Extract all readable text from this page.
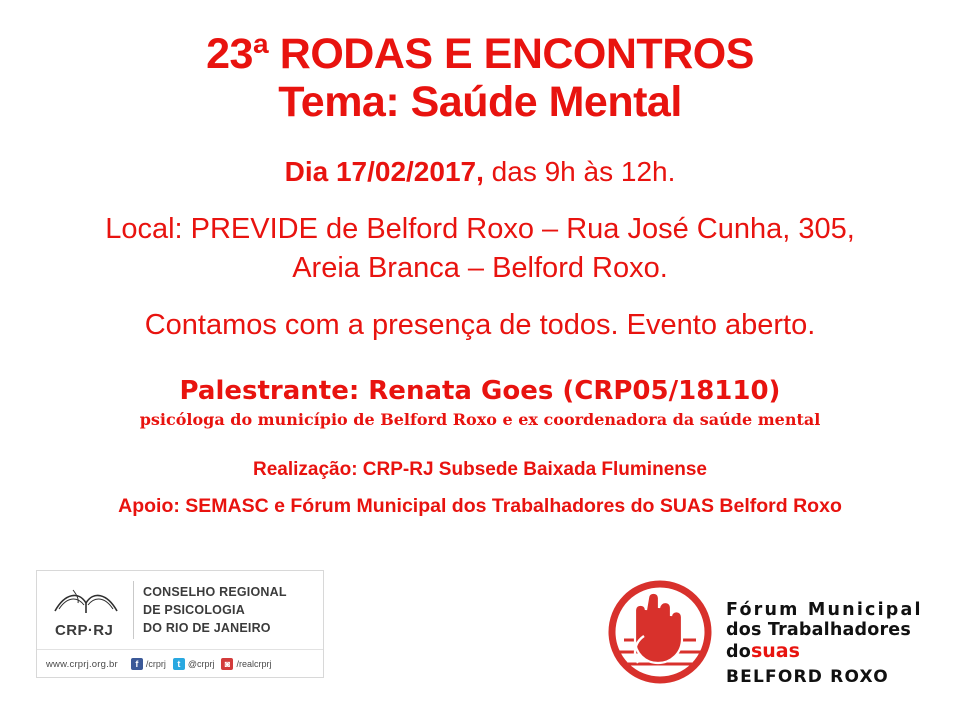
23ª RODAS E ENCONTROS
Tema: Saúde Mental
Dia 17/02/2017, das 9h às 12h.
Local: PREVIDE de Belford Roxo – Rua José Cunha, 305,
Areia Branca – Belford Roxo.
Contamos com a presença de todos. Evento aberto.
Palestrante: Renata Goes (CRP05/18110)
psicóloga do município de Belford Roxo e ex coordenadora da saúde mental
Realização: CRP-RJ Subsede Baixada Fluminense
Apoio: SEMASC e Fórum Municipal dos Trabalhadores do SUAS Belford Roxo
CRP·RJ
CONSELHO REGIONAL
DE PSICOLOGIA
DO RIO DE JANEIRO
www.crprj.org.br	f /crprj	t @crprj	◙ /realcrprj
Fórum Municipal
dos Trabalhadores dosuas
BELFORD ROXO
